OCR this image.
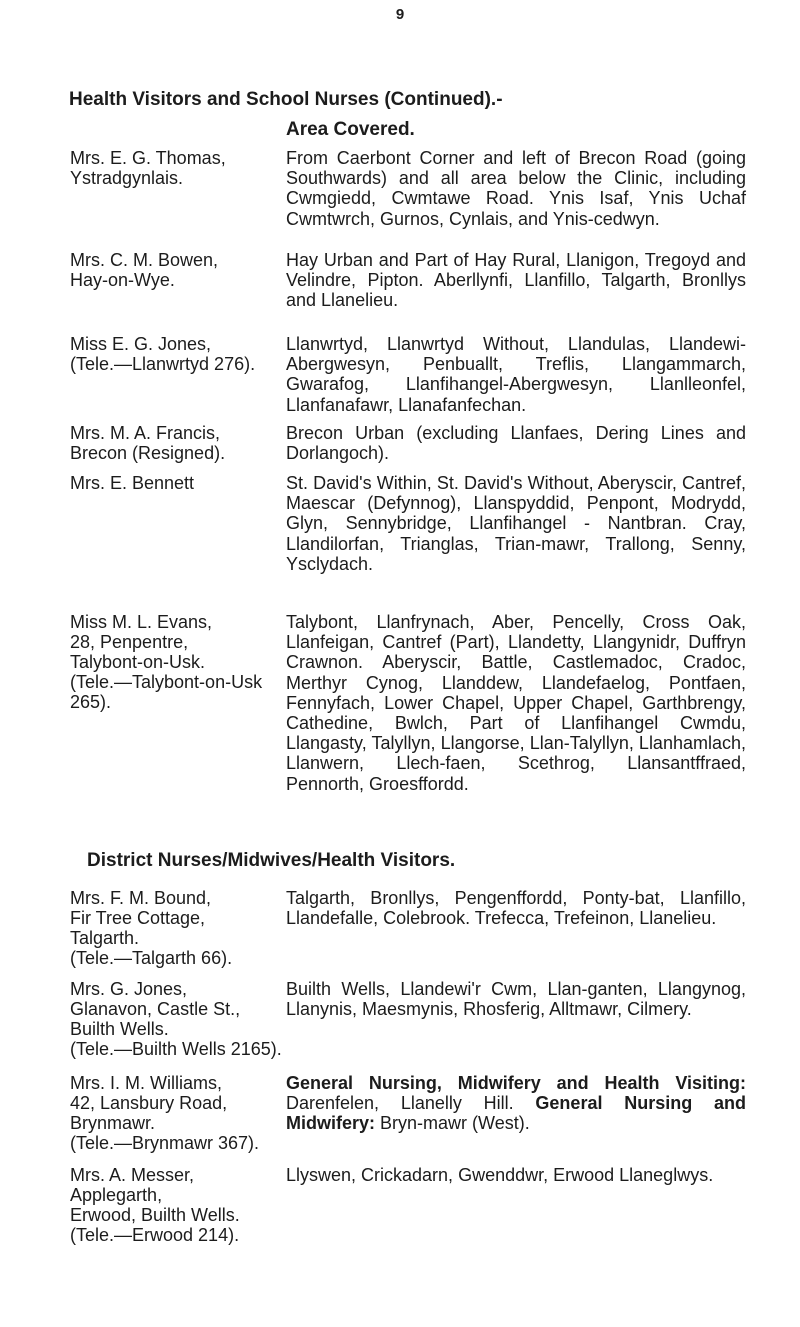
9
Health Visitors and School Nurses (Continued).-
Area Covered.
Mrs. E. G. Thomas,
Ystradgynlais.
From Caerbont Corner and left of Brecon Road (going Southwards) and all area below the Clinic, including Cwmgiedd, Cwmtawe Road. Ynis Isaf, Ynis Uchaf Cwmtwrch, Gurnos, Cynlais, and Ynis-cedwyn.
Mrs. C. M. Bowen,
Hay-on-Wye.
Hay Urban and Part of Hay Rural, Llanigon, Tregoyd and Velindre, Pipton. Aberllynfi, Llanfillo, Talgarth, Bronllys and Llanelieu.
Miss E. G. Jones,
(Tele.—Llanwrtyd 276).
Llanwrtyd, Llanwrtyd Without, Llandulas, Llandewi-Abergwesyn, Penbuallt, Treflis, Llangammarch, Gwarafog, Llanfihangel-Abergwesyn, Llanlleonfel, Llanfanafawr, Llanafanfechan.
Mrs. M. A. Francis,
Brecon (Resigned).
Brecon Urban (excluding Llanfaes, Dering Lines and Dorlangoch).
Mrs. E. Bennett	St. David's Within, St. David's Without, Aberyscir, Cantref, Maescar (Defynnog), Llanspyddid, Penpont, Modrydd, Glyn, Sennybridge, Llanfihangel - Nantbran. Cray, Llandilorfan, Trianglas, Trian-mawr, Trallong, Senny, Ysclydach.
Miss M. L. Evans,
28, Penpentre,
Talybont-on-Usk.
(Tele.—Talybont-on-Usk
265).
Talybont, Llanfrynach, Aber, Pencelly, Cross Oak, Llanfeigan, Cantref (Part), Llandetty, Llangynidr, Duffryn Crawnon. Aberyscir, Battle, Castlemadoc, Cradoc, Merthyr Cynog, Llanddew, Llandefaelog, Pontfaen, Fennyfach, Lower Chapel, Upper Chapel, Garthbrengy, Cathedine, Bwlch, Part of Llanfihangel Cwmdu, Llangasty, Talyllyn, Llangorse, Llan-Talyllyn, Llanhamlach, Llanwern, Llech-faen, Scethrog, Llansantffraed, Pennorth, Groesffordd.
District Nurses/Midwives/Health Visitors.
Mrs. F. M. Bound,
Fir Tree Cottage,
Talgarth.
(Tele.—Talgarth 66).
Talgarth, Bronllys, Pengenffordd, Ponty-bat, Llanfillo, Llandefalle, Colebrook. Trefecca, Trefeinon, Llanelieu.
Mrs. G. Jones,
Glanavon, Castle St.,
Builth Wells.
(Tele.—Builth Wells 2165).
Builth Wells, Llandewi'r Cwm, Llan-ganten, Llangynog, Llanynis, Maesmynis, Rhosferig, Alltmawr, Cilmery.
Mrs. I. M. Williams,
42, Lansbury Road,
Brynmawr.
(Tele.—Brynmawr 367).
General Nursing, Midwifery and Health Visiting: Darenfelen, Llanelly Hill. General Nursing and Midwifery: Bryn-mawr (West).
Mrs. A. Messer,
Applegarth,
Erwood, Builth Wells.
(Tele.—Erwood 214).
Llyswen, Crickadarn, Gwenddwr, Erwood Llaneglwys.
